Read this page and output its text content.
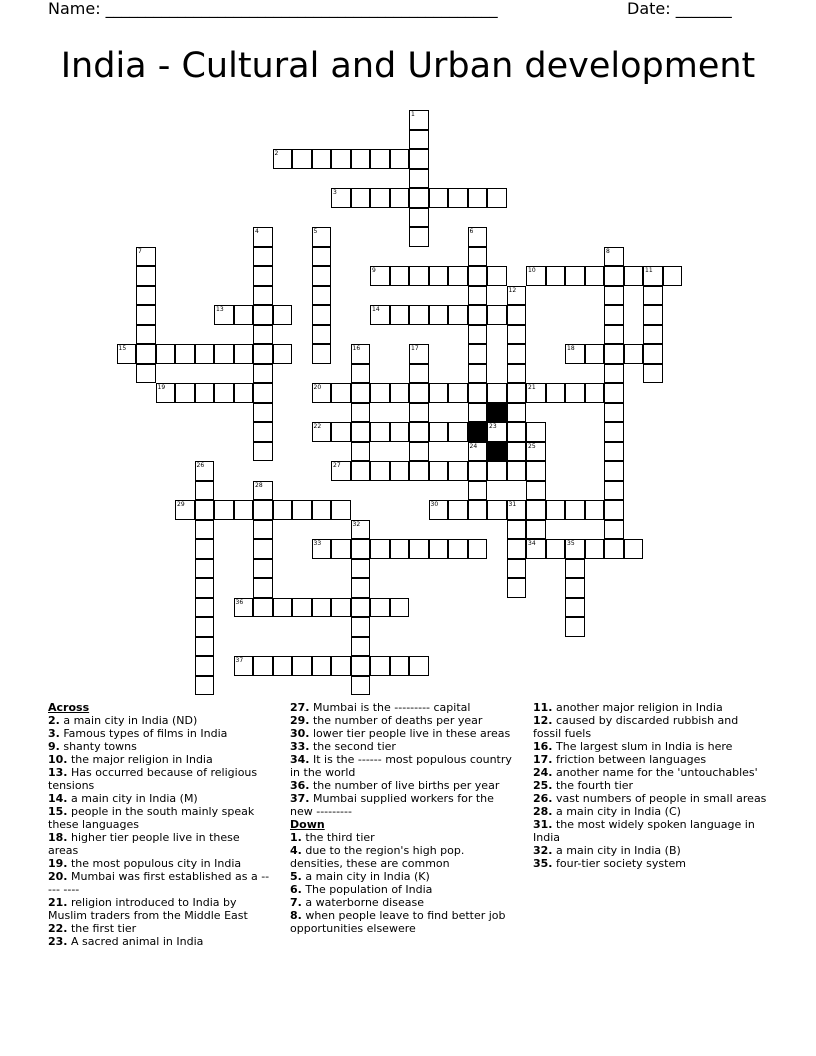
Name: _________________________________________________	Date: _______
India - Cultural and Urban development
1
2
3
4	5	6
24
7	8
9	10	11
12
13	14
15	16	17	18
19	20	21
22	23
25
26	27
28
29	30	31
32
33	34	35
36
37

Across

2. a main city in India (ND)

3. Famous types of films in India

9. shanty towns

10. the major religion in India

13. Has occurred because of religious tensions

14. a main city in India (M)

15. people in the south mainly speak these languages

18. higher tier people live in these areas

19. the most populous city in India

20. Mumbai was first established as a ----- ----

21. religion introduced to India by Muslim traders from the Middle East

22. the first tier

23. A sacred animal in India

27. Mumbai is the --------- capital

29. the number of deaths per year

30. lower tier people live in these areas

33. the second tier

34. It is the ------ most populous country in the world

36. the number of live births per year

37. Mumbai supplied workers for the new ---------

Down

1. the third tier

4. due to the region's high pop. densities, these are common

5. a main city in India (K)

6. The population of India

7. a waterborne disease

8. when people leave to find better job opportunities elsewere

11. another major religion in India

12. caused by discarded rubbish and fossil fuels

16. The largest slum in India is here

17. friction between languages

24. another name for the 'untouchables'

25. the fourth tier

26. vast numbers of people in small areas

28. a main city in India (C)

31. the most widely spoken language in India

32. a main city in India (B)

35. four-tier society system
